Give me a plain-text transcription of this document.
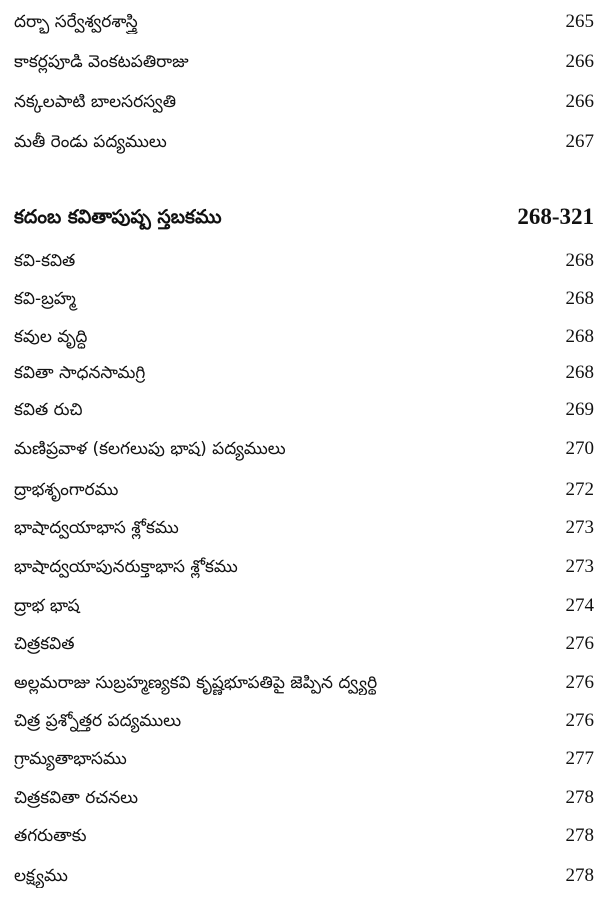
దర్భా సర్వేశ్వరశాస్త్రి	265
కాకర్లపూడి వెంకటపతిరాజు	266
నక్కలపాటి బాలసరస్వతి	266
మతీ రెండు పద్యములు	267
కదంబ కవితాపుష్ప స్తబకము	268-321
కవి-కవిత	268
కవి-బ్రహ్మ	268
కవుల వృద్ధి	268
కవితా సాధనసామగ్రి	268
కవిత రుచి	269
మణిప్రవాళ (కలగలుపు భాష) పద్యములు	270
ద్రాభశృంగారము	272
భాషాద్వయాభాస శ్లోకము	273
భాషాద్వయాపునరుక్తాభాస శ్లోకము	273
ద్రాభ భాష	274
చిత్రకవిత	276
అల్లమరాజు సుబ్రహ్మణ్యకవి కృష్ణభూపతిపై జెప్పిన ద్వ్యర్థి	276
చిత్ర ప్రశ్నోత్తర పద్యములు	276
గ్రామ్యతాభాసము	277
చిత్రకవితా రచనలు	278
తగరుతాకు	278
లక్ష్యము	278
